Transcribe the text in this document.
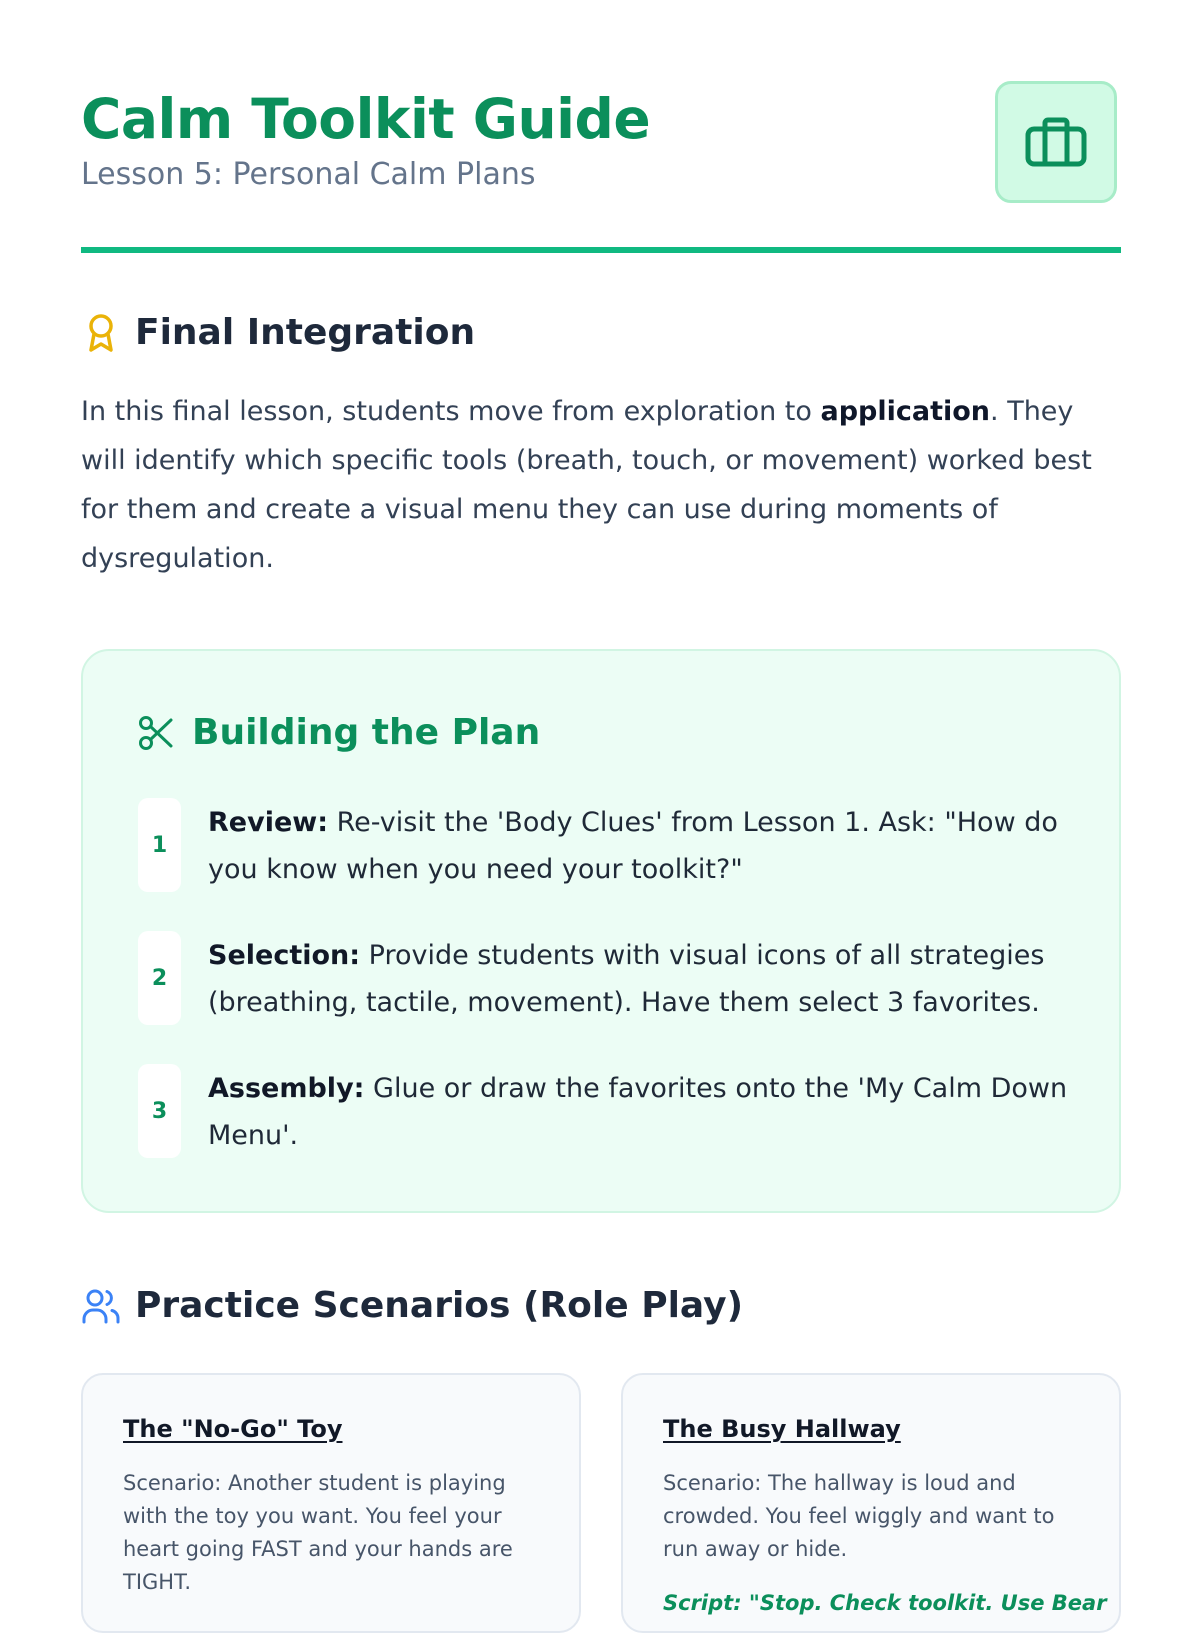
Calm Toolkit Guide
Lesson 5: Personal Calm Plans
Final Integration

In this final lesson, students move from exploration to application. They will identify which specific tools (breath, touch, or movement) worked best for them and create a visual menu they can use during moments of dysregulation.

Building the Plan
1
Review: Re-visit the 'Body Clues' from Lesson 1. Ask: "How do you know when you need your toolkit?"
2
Selection: Provide students with visual icons of all strategies (breathing, tactile, movement). Have them select 3 favorites.
3
Assembly: Glue or draw the favorites onto the 'My Calm Down Menu'.
Practice Scenarios (Role Play)
The "No-Go" Toy
Scenario: Another student is playing with the toy you want. You feel your heart going FAST and your hands are TIGHT.
The Busy Hallway
Scenario: The hallway is loud and crowded. You feel wiggly and want to run away or hide.
Script: "Stop. Check toolkit. Use Bear
